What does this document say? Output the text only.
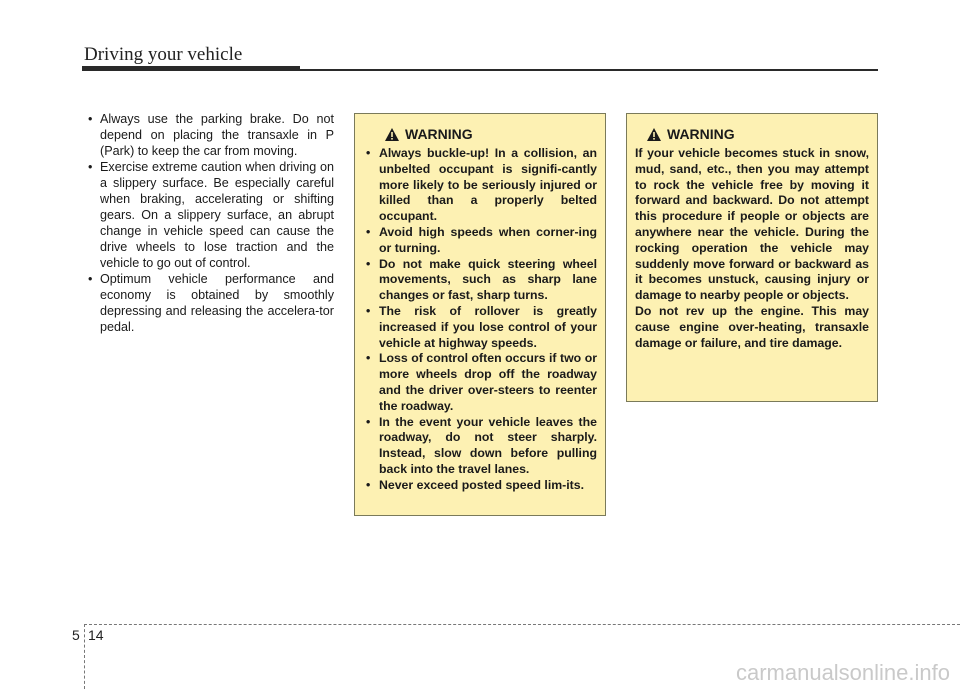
Driving your vehicle
• Always use the parking brake. Do not depend on placing the transaxle in P (Park) to keep the car from moving.
• Exercise extreme caution when driving on a slippery surface. Be especially careful when braking, accelerating or shifting gears. On a slippery surface, an abrupt change in vehicle speed can cause the drive wheels to lose traction and the vehicle to go out of control.
• Optimum vehicle performance and economy is obtained by smoothly depressing and releasing the accelera-tor pedal.
WARNING
• Always buckle-up! In a collision, an unbelted occupant is signifi-cantly more likely to be seriously injured or killed than a properly belted occupant.
• Avoid high speeds when corner-ing or turning.
• Do not make quick steering wheel movements, such as sharp lane changes or fast, sharp turns.
• The risk of rollover is greatly increased if you lose control of your vehicle at highway speeds.
• Loss of control often occurs if two or more wheels drop off the roadway and the driver over-steers to reenter the roadway.
• In the event your vehicle leaves the roadway, do not steer sharply. Instead, slow down before pulling back into the travel lanes.
• Never exceed posted speed lim-its.
WARNING

If your vehicle becomes stuck in snow, mud, sand, etc., then you may attempt to rock the vehicle free by moving it forward and backward. Do not attempt this procedure if people or objects are anywhere near the vehicle. During the rocking operation the vehicle may suddenly move forward or backward as it becomes unstuck, causing injury or damage to nearby people or objects.

Do not rev up the engine. This may cause engine over-heating, transaxle damage or failure, and tire damage.

5 14
carmanualsonline.info
